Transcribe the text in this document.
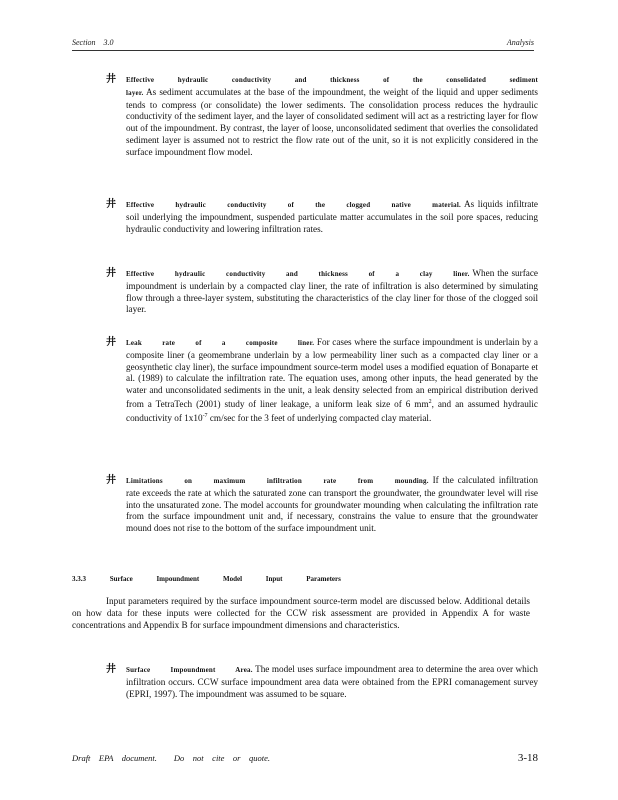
Section    3.0	Analysis
井 Effective hydraulic conductivity and thickness of the consolidated sediment layer. As sediment accumulates at the base of the impoundment, the weight of the liquid and upper sediments tends to compress (or consolidate) the lower sediments. The consolidation process reduces the hydraulic conductivity of the sediment layer, and the layer of consolidated sediment will act as a restricting layer for flow out of the impoundment. By contrast, the layer of loose, unconsolidated sediment that overlies the consolidated sediment layer is assumed not to restrict the flow rate out of the unit, so it is not explicitly considered in the surface impoundment flow model.
井 Effective hydraulic conductivity of the clogged native material. As liquids infiltrate soil underlying the impoundment, suspended particulate matter accumulates in the soil pore spaces, reducing hydraulic conductivity and lowering infiltration rates.
井 Effective hydraulic conductivity and thickness of a clay liner. When the surface impoundment is underlain by a compacted clay liner, the rate of infiltration is also determined by simulating flow through a three-layer system, substituting the characteristics of the clay liner for those of the clogged soil layer.
井 Leak rate of a composite liner. For cases where the surface impoundment is underlain by a composite liner (a geomembrane underlain by a low permeability liner such as a compacted clay liner or a geosynthetic clay liner), the surface impoundment source-term model uses a modified equation of Bonaparte et al. (1989) to calculate the infiltration rate. The equation uses, among other inputs, the head generated by the water and unconsolidated sediments in the unit, a leak density selected from an empirical distribution derived from a TetraTech (2001) study of liner leakage, a uniform leak size of 6 $mm^2$, and an assumed hydraulic conductivity of $1x10^{-7}$ cm/sec for the 3 feet of underlying compacted clay material.
井 Limitations on maximum infiltration rate from mounding. If the calculated infiltration rate exceeds the rate at which the saturated zone can transport the groundwater, the groundwater level will rise into the unsaturated zone. The model accounts for groundwater mounding when calculating the infiltration rate from the surface impoundment unit and, if necessary, constrains the value to ensure that the groundwater mound does not rise to the bottom of the surface impoundment unit.
3.3.3	Surface Impoundment Model Input Parameters
Input parameters required by the surface impoundment source-term model are discussed below. Additional details on how data for these inputs were collected for the CCW risk assessment are provided in Appendix A for waste concentrations and Appendix B for surface impoundment dimensions and characteristics.
井 Surface Impoundment Area. The model uses surface impoundment area to determine the area over which infiltration occurs. CCW surface impoundment area data were obtained from the EPRI comanagement survey (EPRI, 1997). The impoundment was assumed to be square.
Draft    EPA    document.        Do    not    cite    or    quote.	3-18
